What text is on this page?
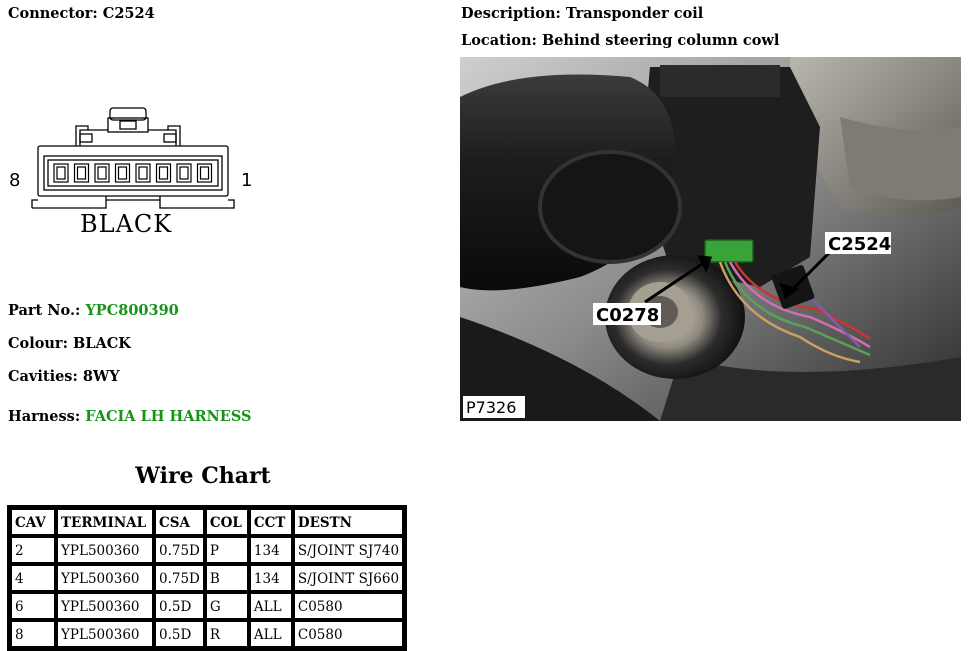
Connector: C2524
8	1
BLACK
Part No.: YPC800390
Colour: BLACK
Cavities: 8WY
Harness: FACIA LH HARNESS
Wire Chart
CAV	TERMINAL	CSA	COL	CCT	DESTN
2	YPL500360	0.75D	P	134	S/JOINT SJ740
4	YPL500360	0.75D	B	134	S/JOINT SJ660
6	YPL500360	0.5D	G	ALL	C0580
8	YPL500360	0.5D	R	ALL	C0580
Description: Transponder coil
Location: Behind steering column cowl
C2524
C0278
P7326
